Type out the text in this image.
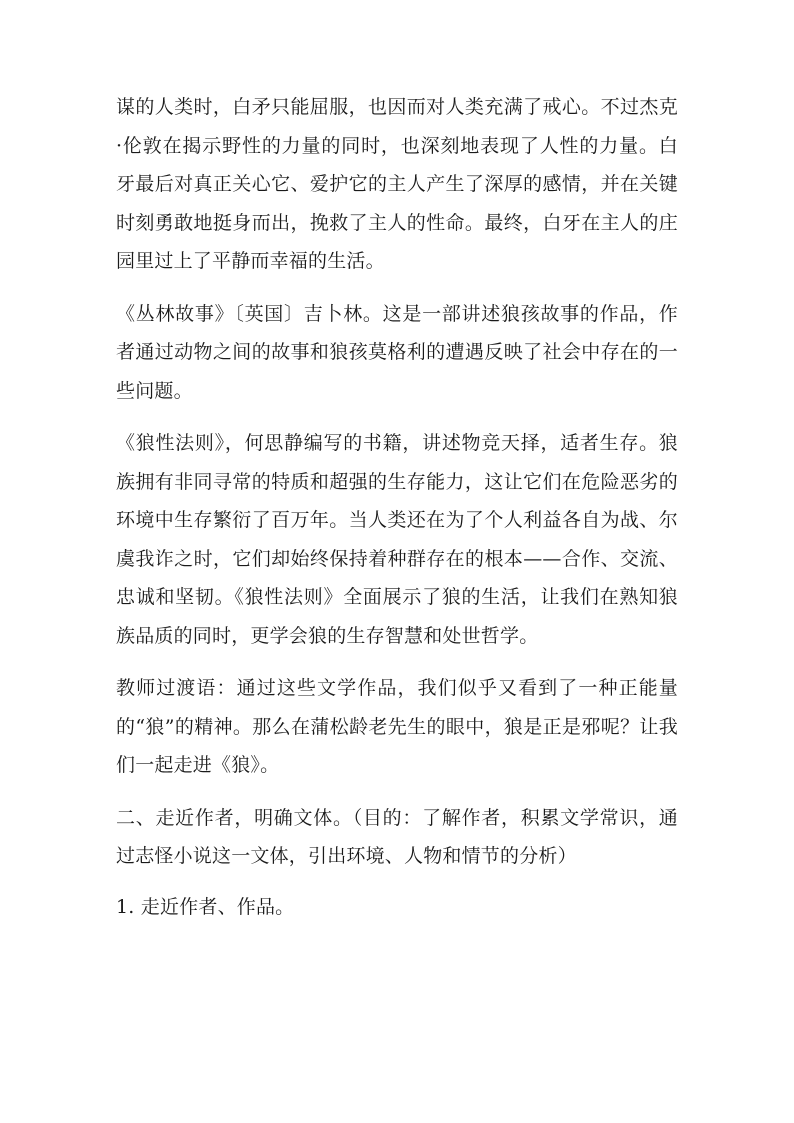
谋的人类时，白矛只能屈服，也因而对人类充满了戒心。不过杰克·伦敦在揭示野性的力量的同时，也深刻地表现了人性的力量。白牙最后对真正关心它、爱护它的主人产生了深厚的感情，并在关键时刻勇敢地挺身而出，挽救了主人的性命。最终，白牙在主人的庄园里过上了平静而幸福的生活。

《丛林故事》〔英国〕吉卜林。这是一部讲述狼孩故事的作品，作者通过动物之间的故事和狼孩莫格利的遭遇反映了社会中存在的一些问题。

《狼性法则》，何思静编写的书籍，讲述物竞天择，适者生存。狼族拥有非同寻常的特质和超强的生存能力，这让它们在危险恶劣的环境中生存繁衍了百万年。当人类还在为了个人利益各自为战、尔虞我诈之时，它们却始终保持着种群存在的根本——合作、交流、忠诚和坚韧。《狼性法则》全面展示了狼的生活，让我们在熟知狼族品质的同时，更学会狼的生存智慧和处世哲学。

教师过渡语：通过这些文学作品，我们似乎又看到了一种正能量的“狼”的精神。那么在蒲松龄老先生的眼中，狼是正是邪呢？让我们一起走进《狼》。

二、走近作者，明确文体。（目的：了解作者，积累文学常识，通过志怪小说这一文体，引出环境、人物和情节的分析）

1. 走近作者、作品。
